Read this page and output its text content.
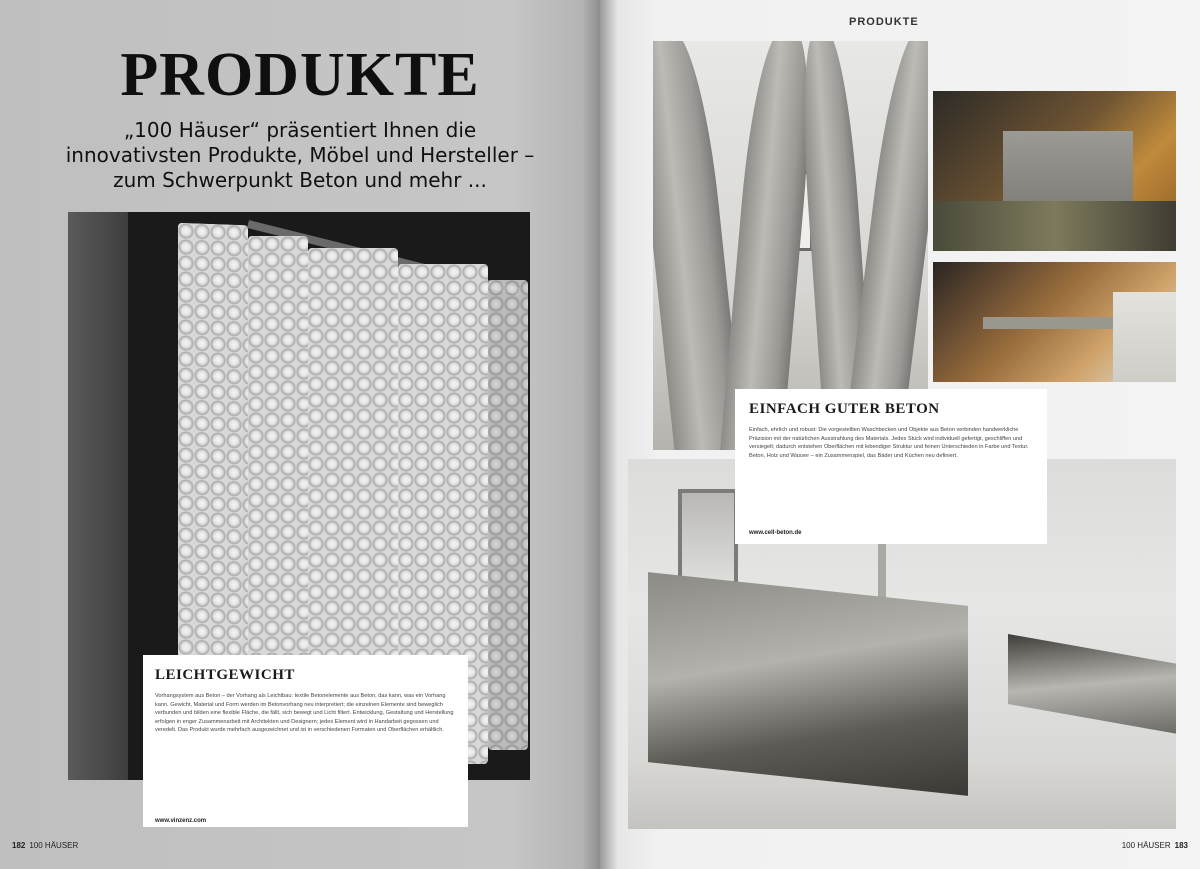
PRODUKTE
„100 Häuser“ präsentiert Ihnen die innovativsten Produkte, Möbel und Hersteller – zum Schwerpunkt Beton und mehr ...
LEICHTGEWICHT
Vorhangsystem aus Beton – der Vorhang als Leichtbau: textile Betonelemente aus Beton, das kann, was ein Vorhang kann. Gewicht, Material und Form werden im Betonvorhang neu interpretiert; die einzelnen Elemente sind beweglich verbunden und bilden eine flexible Fläche, die fällt, sich bewegt und Licht filtert. Entwicklung, Gestaltung und Herstellung erfolgen in enger Zusammenarbeit mit Architekten und Designern; jedes Element wird in Handarbeit gegossen und veredelt. Das Produkt wurde mehrfach ausgezeichnet und ist in verschiedenen Formaten und Oberflächen erhältlich.
www.vinzenz.com
182 100 HÄUSER
PRODUKTE
EINFACH GUTER BETON
Einfach, ehrlich und robust: Die vorgestellten Waschbecken und Objekte aus Beton verbinden handwerkliche Präzision mit der natürlichen Ausstrahlung des Materials. Jedes Stück wird individuell gefertigt, geschliffen und versiegelt; dadurch entstehen Oberflächen mit lebendiger Struktur und feinen Unterschieden in Farbe und Textur. Beton, Holz und Wasser – ein Zusammenspiel, das Bäder und Küchen neu definiert.
www.cell-beton.de
100 HÄUSER 183
